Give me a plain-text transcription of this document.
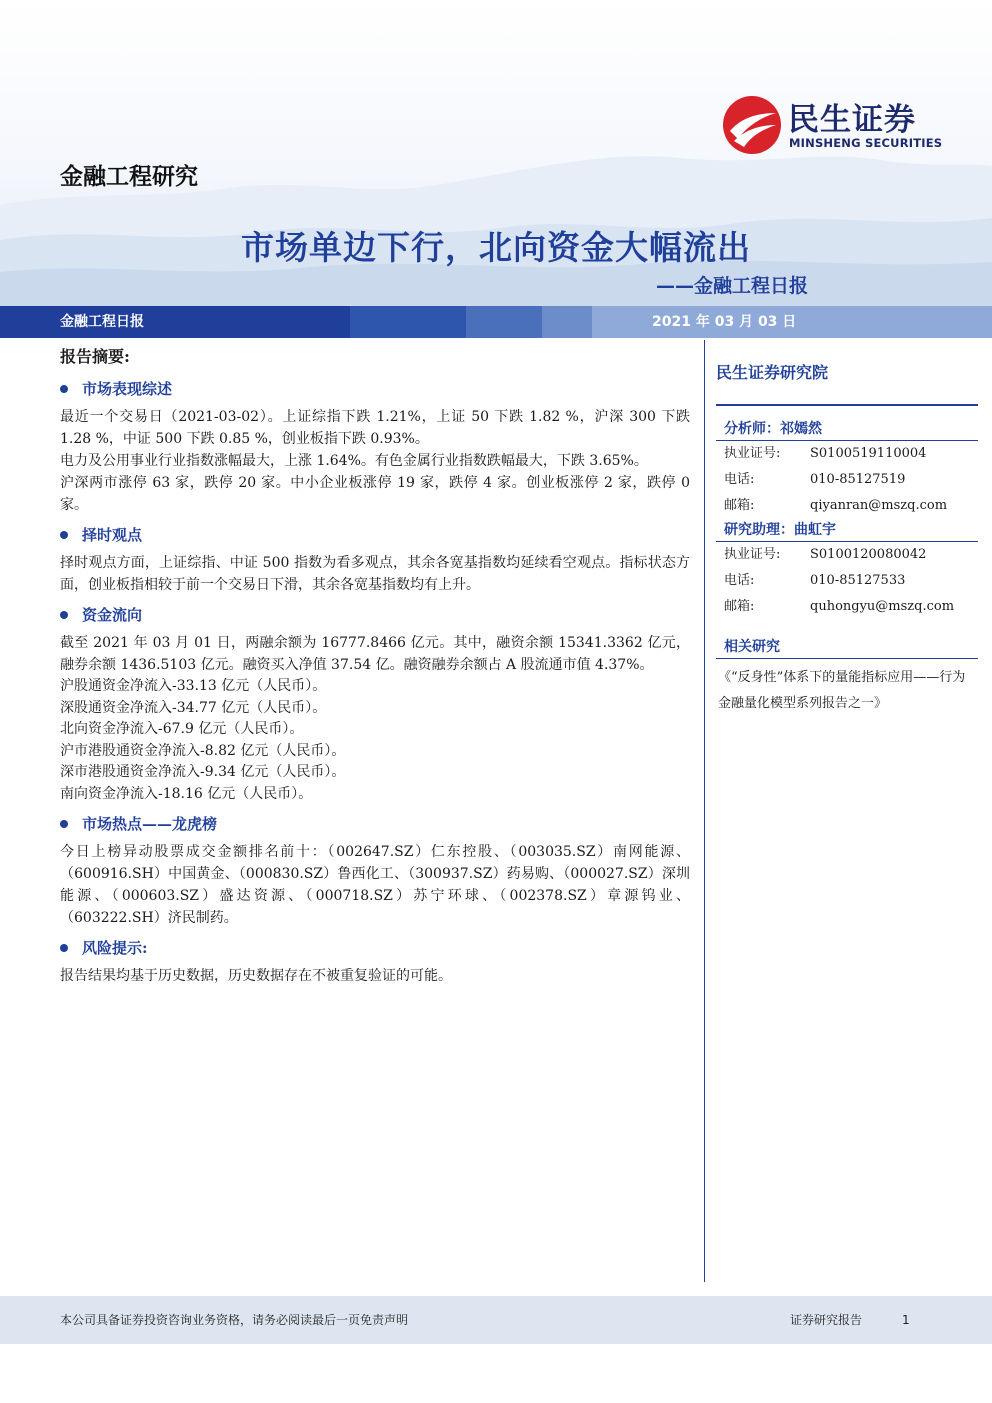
民生证券
MINSHENG SECURITIES
金融工程研究
市场单边下行，北向资金大幅流出
——金融工程日报
金融工程日报	2021 年 03 月 03 日
报告摘要:
市场表现综述

最近一个交易日（2021-03-02）。上证综指下跌 1.21%，上证 50 下跌 1.82 %，沪深 300 下跌 1.28 %，中证 500 下跌 0.85 %，创业板指下跌 0.93%。

电力及公用事业行业指数涨幅最大，上涨 1.64%。有色金属行业指数跌幅最大，下跌 3.65%。

沪深两市涨停 63 家，跌停 20 家。中小企业板涨停 19 家，跌停 4 家。创业板涨停 2 家，跌停 0 家。

择时观点

择时观点方面，上证综指、中证 500 指数为看多观点，其余各宽基指数均延续看空观点。指标状态方面，创业板指相较于前一个交易日下滑，其余各宽基指数均有上升。

资金流向

截至 2021 年 03 月 01 日，两融余额为 16777.8466 亿元。其中，融资余额 15341.3362 亿元，融券余额 1436.5103 亿元。融资买入净值 37.54 亿。融资融券余额占 A 股流通市值 4.37%。

沪股通资金净流入-33.13 亿元（人民币）。

深股通资金净流入-34.77 亿元（人民币）。

北向资金净流入-67.9 亿元（人民币）。

沪市港股通资金净流入-8.82 亿元（人民币）。

深市港股通资金净流入-9.34 亿元（人民币）。

南向资金净流入-18.16 亿元（人民币）。

市场热点——龙虎榜

今日上榜异动股票成交金额排名前十：（002647.SZ）仁东控股、（003035.SZ）南网能源、（600916.SH）中国黄金、（000830.SZ）鲁西化工、（300937.SZ）药易购、（000027.SZ）深圳能源、（000603.SZ）盛达资源、（000718.SZ）苏宁环球、（002378.SZ）章源钨业、（603222.SH）济民制药。

风险提示:

报告结果均基于历史数据，历史数据存在不被重复验证的可能。

民生证券研究院
分析师：祁嫣然
执业证号:	S0100519110004
电话:	010-85127519
邮箱:	qiyanran@mszq.com
研究助理：曲虹宇
执业证号:	S0100120080042
电话:	010-85127533
邮箱:	quhongyu@mszq.com
相关研究
《“反身性”体系下的量能指标应用——行为金融量化模型系列报告之一》
本公司具备证券投资咨询业务资格，请务必阅读最后一页免责声明	证券研究报告	1
